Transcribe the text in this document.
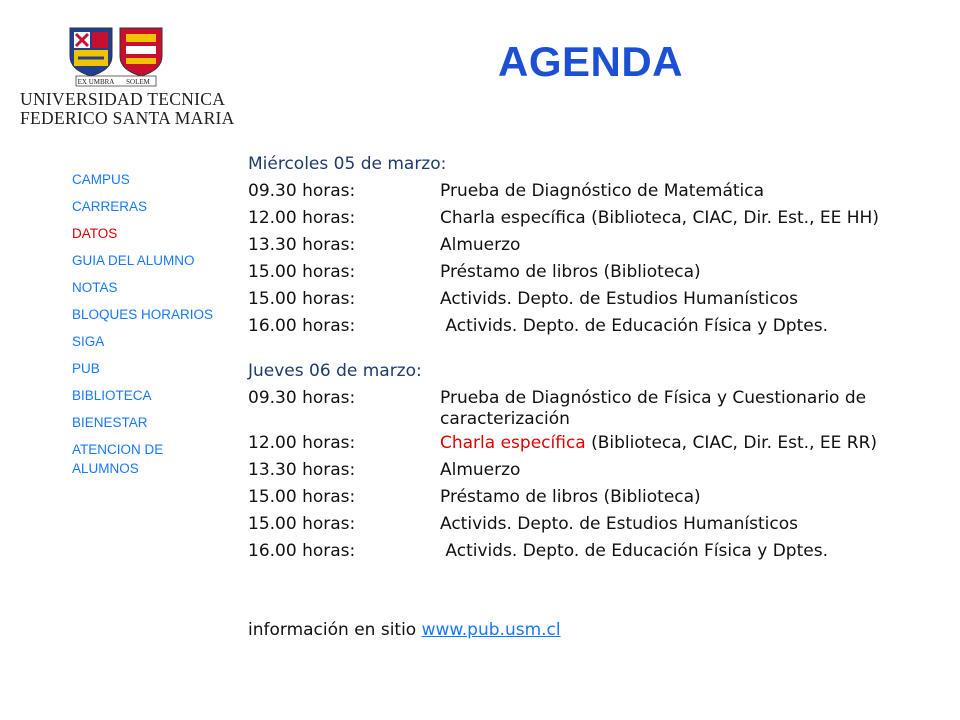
EX UMBRA SOLEM
UNIVERSIDAD TECNICA
FEDERICO SANTA MARIA
AGENDA
CAMPUS
CARRERAS
DATOS
GUIA DEL ALUMNO
NOTAS
BLOQUES HORARIOS
SIGA
PUB
BIBLIOTECA
BIENESTAR
ATENCION DE ALUMNOS
Miércoles 05 de marzo:
09.30 horas:	Prueba de Diagnóstico de Matemática
12.00 horas:	Charla específica (Biblioteca, CIAC, Dir. Est., EE HH)
13.30 horas:	Almuerzo
15.00 horas:	Préstamo de libros (Biblioteca)
15.00 horas:	Activids. Depto. de Estudios Humanísticos
16.00 horas:	Activids. Depto. de Educación Física y Dptes.
Jueves 06 de marzo:
09.30 horas:	Prueba de Diagnóstico de Física y Cuestionario de caracterización
12.00 horas:	Charla específica (Biblioteca, CIAC, Dir. Est., EE RR)
13.30 horas:	Almuerzo
15.00 horas:	Préstamo de libros (Biblioteca)
15.00 horas:	Activids. Depto. de Estudios Humanísticos
16.00 horas:	Activids. Depto. de Educación Física y Dptes.
información en sitio www.pub.usm.cl
